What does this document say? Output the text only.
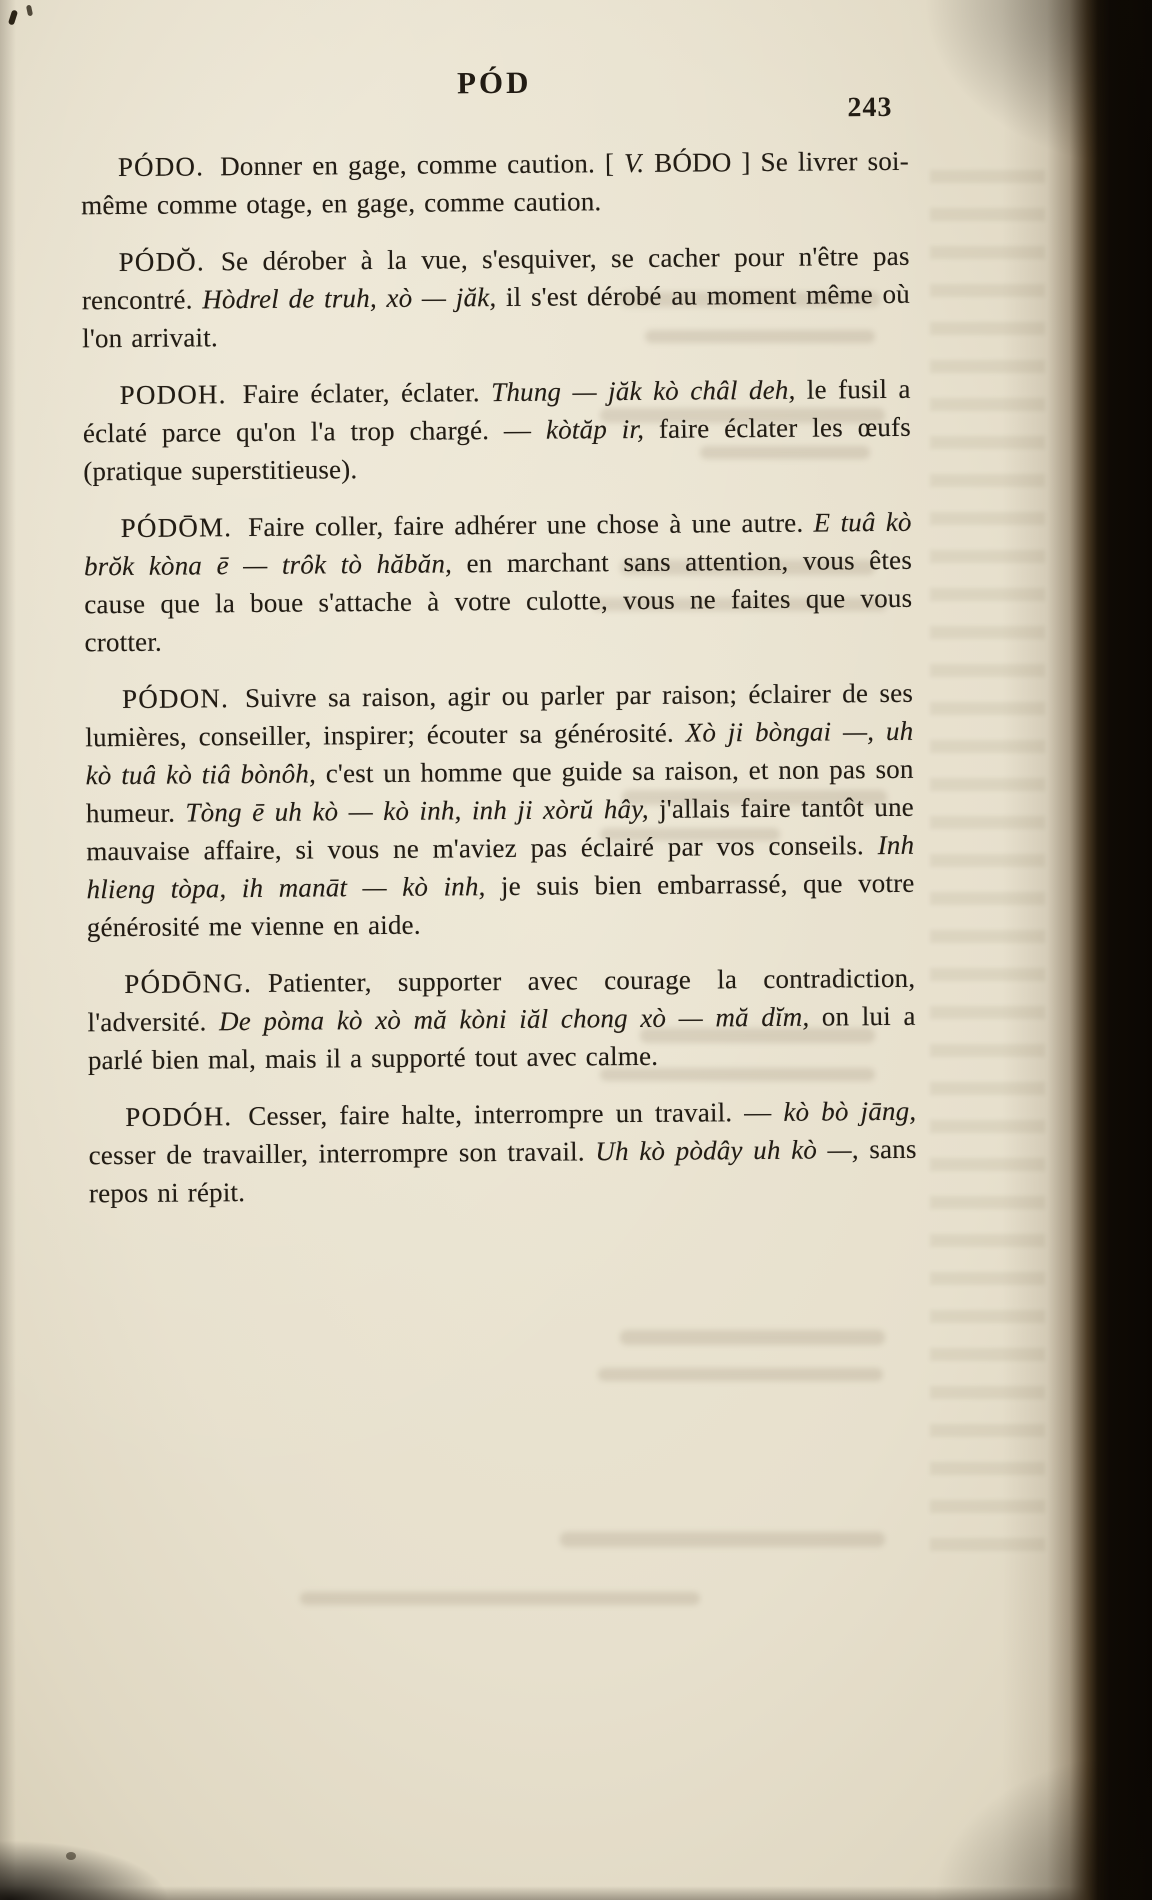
PÓD
243

PÓDO. Donner en gage, comme caution. [ V. BÓDO ] Se livrer soi-même comme otage, en gage, comme caution.

PÓDŎ. Se dérober à la vue, s'esquiver, se cacher pour n'être pas rencontré. Hòdrel de truh, xò — jăk, il s'est dérobé au moment même où l'on arrivait.

PODOH. Faire éclater, éclater. Thung — jăk kò châl deh, le fusil a éclaté parce qu'on l'a trop chargé. — kòtăp ir, faire éclater les œufs (pratique superstitieuse).

PÓDŌM. Faire coller, faire adhérer une chose à une autre. E tuâ kò brŏk kòna ē — trôk tò hăbăn, en marchant sans attention, vous êtes cause que la boue s'attache à votre culotte, vous ne faites que vous crotter.

PÓDON. Suivre sa raison, agir ou parler par raison; éclairer de ses lumières, conseiller, inspirer; écouter sa générosité. Xò ji bòngai —, uh kò tuâ kò tiâ bònôh, c'est un homme que guide sa raison, et non pas son humeur. Tòng ē uh kò — kò inh, inh ji xòrŭ hây, j'allais faire tantôt une mauvaise affaire, si vous ne m'aviez pas éclairé par vos conseils. Inh hlieng tòpa, ih manāt — kò inh, je suis bien embarrassé, que votre générosité me vienne en aide.

PÓDŌNG. Patienter, supporter avec courage la contradiction, l'adversité. De pòma kò xò mă kòni iăl chong xò — mă dĭm, on lui a parlé bien mal, mais il a supporté tout avec calme.

PODÓH. Cesser, faire halte, interrompre un travail. — kò bò jāng, cesser de travailler, interrompre son travail. Uh kò pòdây uh kò —, sans repos ni répit.
